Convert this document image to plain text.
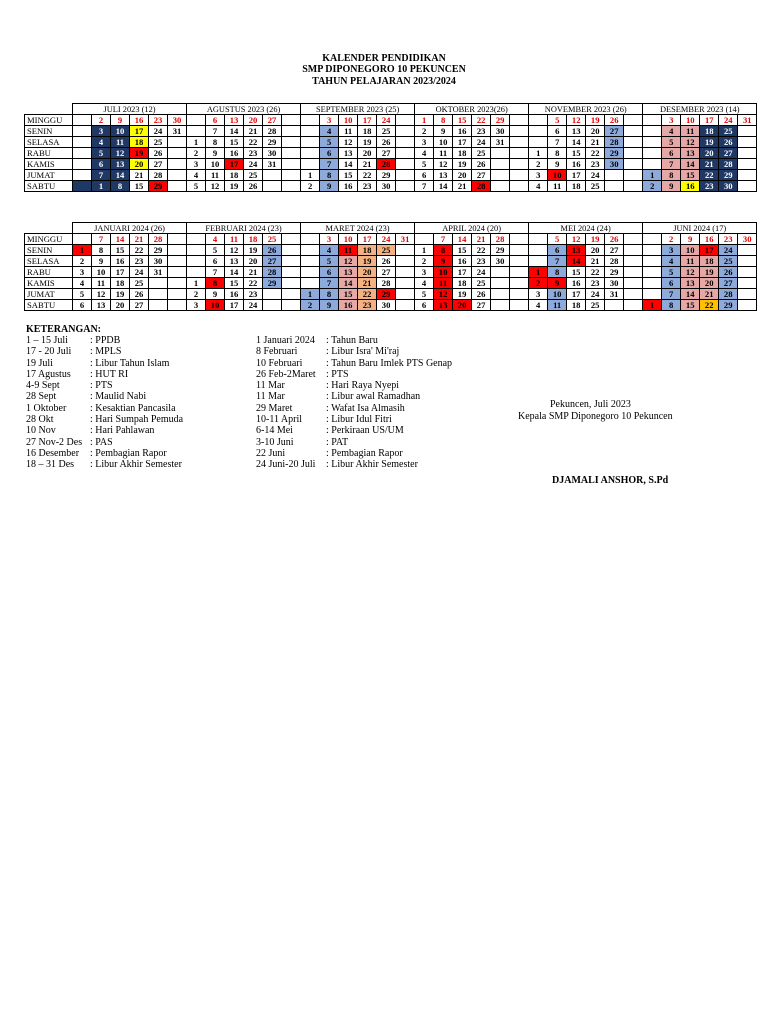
KALENDER PENDIDIKAN
SMP DIPONEGORO 10 PEKUNCEN
TAHUN PELAJARAN 2023/2024
	JULI 2023 (12)						AGUSTUS 2023 (26)						SEPTEMBER 2023 (25)						OKTOBER 2023(26)						NOVEMBER 2023 (26)						DESEMBER 2023 (14)					
MINGGU		2	9	16	23	30		6	13	20	27			3	10	17	24		1	8	15	22	29			5	12	19	26			3	10	17	24	31
SENIN		3	10	17	24	31		7	14	21	28			4	11	18	25		2	9	16	23	30			6	13	20	27			4	11	18	25	
SELASA		4	11	18	25		1	8	15	22	29			5	12	19	26		3	10	17	24	31			7	14	21	28			5	12	19	26	
RABU		5	12	19	26		2	9	16	23	30			6	13	20	27		4	11	18	25			1	8	15	22	29			6	13	20	27	
KAMIS		6	13	20	27		3	10	17	24	31			7	14	21	28		5	12	19	26			2	9	16	23	30			7	14	21	28	
JUMAT		7	14	21	28		4	11	18	25			1	8	15	22	29		6	13	20	27			3	10	17	24			1	8	15	22	29	
SABTU		1	8	15	29		5	12	19	26			2	9	16	23	30		7	14	21	28			4	11	18	25			2	9	16	23	30	
	JANUARI 2024 (26)						FEBRUARI 2024 (23)						MARET 2024 (23)						APRIL 2024 (20)						MEI 2024 (24)						JUNI 2024 (17)					
MINGGU		7	14	21	28			4	11	18	25			3	10	17	24	31		7	14	21	28			5	12	19	26			2	9	16	23	30
SENIN	1	8	15	22	29			5	12	19	26			4	11	18	25		1	8	15	22	29			6	13	20	27			3	10	17	24	
SELASA	2	9	16	23	30			6	13	20	27			5	12	19	26		2	9	16	23	30			7	14	21	28			4	11	18	25	
RABU	3	10	17	24	31			7	14	21	28			6	13	20	27		3	10	17	24			1	8	15	22	29			5	12	19	26	
KAMIS	4	11	18	25			1	8	15	22	29			7	14	21	28		4	11	18	25			2	9	16	23	30			6	13	20	27	
JUMAT	5	12	19	26			2	9	16	23			1	8	15	22	29		5	12	19	26			3	10	17	24	31			7	14	21	28	
SABTU	6	13	20	27			3	10	17	24			2	9	16	23	30		6	13	20	27			4	11	18	25			1	8	15	22	29	
KETERANGAN:
1 – 15 Juli : PPDB
17 - 20 Juli : MPLS
19 Juli	: Libur Tahun Islam
17 Agustus : HUT RI
4-9 Sept	: PTS
28 Sept	: Maulid Nabi
1 Oktober : Kesaktian Pancasila
28 Okt	: Hari Sumpah Pemuda
10 Nov	: Hari Pahlawan
27 Nov-2 Des : PAS
16 Desember : Pembagian Rapor
18 – 31 Des : Libur Akhir Semester
1 Januari 2024 : Tahun Baru
8 Februari	: Libur Isra' Mi'raj
10 Februari : Tahun Baru Imlek PTS Genap
26 Feb-2Maret : PTS
11 Mar	: Hari Raya Nyepi
11 Mar	: Libur awal Ramadhan
29 Maret	: Wafat Isa Almasih
10-11 April : Libur Idul Fitri
6-14 Mei	: Perkiraan US/UM
3-10 Juni	: PAT
22 Juni	: Pembagian Rapor
24 Juni-20 Juli : Libur Akhir Semester
Pekuncen, Juli 2023
Kepala SMP Diponegoro 10 Pekuncen
DJAMALI ANSHOR, S.Pd
